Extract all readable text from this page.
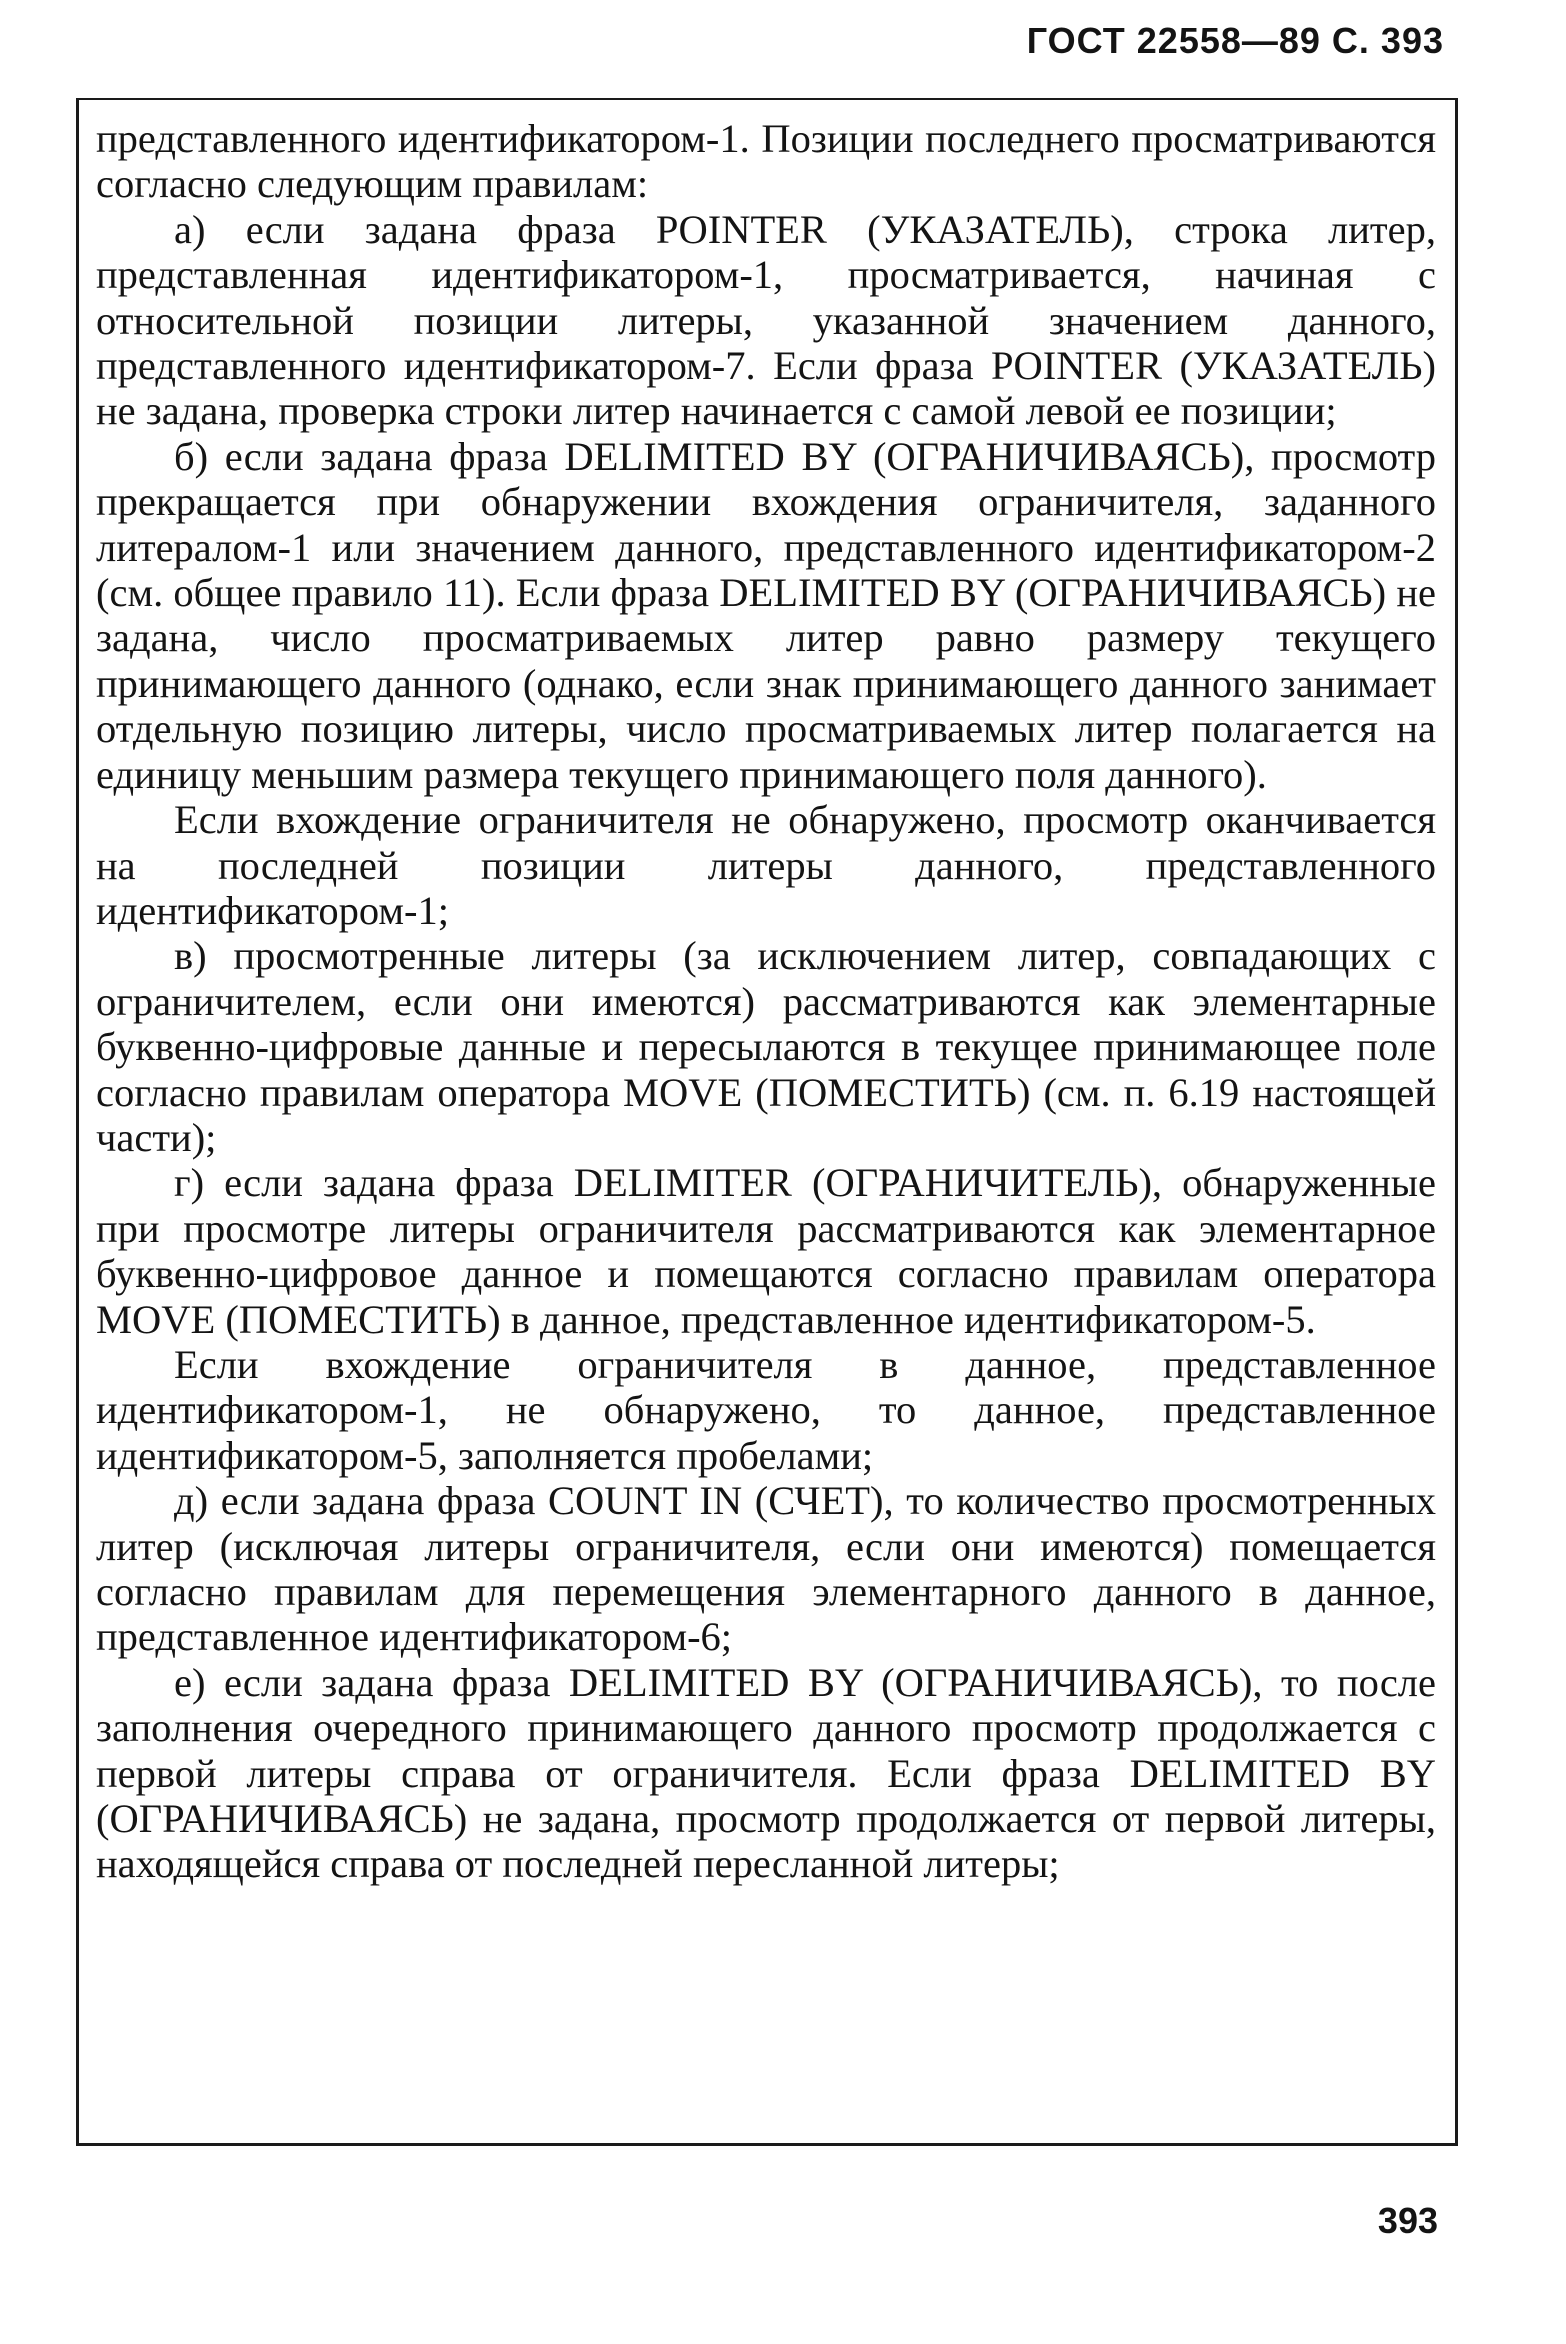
ГОСТ 22558—89 С. 393

представленного идентификатором-1. Позиции последнего просматриваются согласно следующим правилам:

а) если задана фраза POINTER (УКАЗАТЕЛЬ), строка литер, представленная идентификатором-1, просматривается, начиная с относительной позиции литеры, указанной значением данного, представленного идентификатором-7. Если фраза POINTER (УКАЗАТЕЛЬ) не задана, проверка строки литер начинается с самой левой ее позиции;

б) если задана фраза DELIMITED BY (ОГРАНИЧИВАЯСЬ), просмотр прекращается при обнаружении вхождения ограничителя, заданного литералом-1 или значением данного, представленного идентификатором-2 (см. общее правило 11). Если фраза DELIMITED BY (ОГРАНИЧИВАЯСЬ) не задана, число просматриваемых литер равно размеру текущего принимающего данного (однако, если знак принимающего данного занимает отдельную позицию литеры, число просматриваемых литер полагается на единицу меньшим размера текущего принимающего поля данного).

Если вхождение ограничителя не обнаружено, просмотр оканчивается на последней позиции литеры данного, представленного идентификатором-1;

в) просмотренные литеры (за исключением литер, совпадающих с ограничителем, если они имеются) рассматриваются как элементарные буквенно-цифровые данные и пересылаются в текущее принимающее поле согласно правилам оператора MOVE (ПОМЕСТИТЬ) (см. п. 6.19 настоящей части);

г) если задана фраза DELIMITER (ОГРАНИЧИТЕЛЬ), обнаруженные при просмотре литеры ограничителя рассматриваются как элементарное буквенно-цифровое данное и помещаются согласно правилам оператора MOVE (ПОМЕСТИТЬ) в данное, представленное идентификатором-5.

Если вхождение ограничителя в данное, представленное идентификатором-1, не обнаружено, то данное, представленное идентификатором-5, заполняется пробелами;

д) если задана фраза COUNT IN (СЧЕТ), то количество просмотренных литер (исключая литеры ограничителя, если они имеются) помещается согласно правилам для перемещения элементарного данного в данное, представленное идентификатором-6;

е) если задана фраза DELIMITED BY (ОГРАНИЧИВАЯСЬ), то после заполнения очередного принимающего данного просмотр продолжается с первой литеры справа от ограничителя. Если фраза DELIMITED BY (ОГРАНИЧИВАЯСЬ) не задана, просмотр продолжается от первой литеры, находящейся справа от последней пересланной литеры;

393
